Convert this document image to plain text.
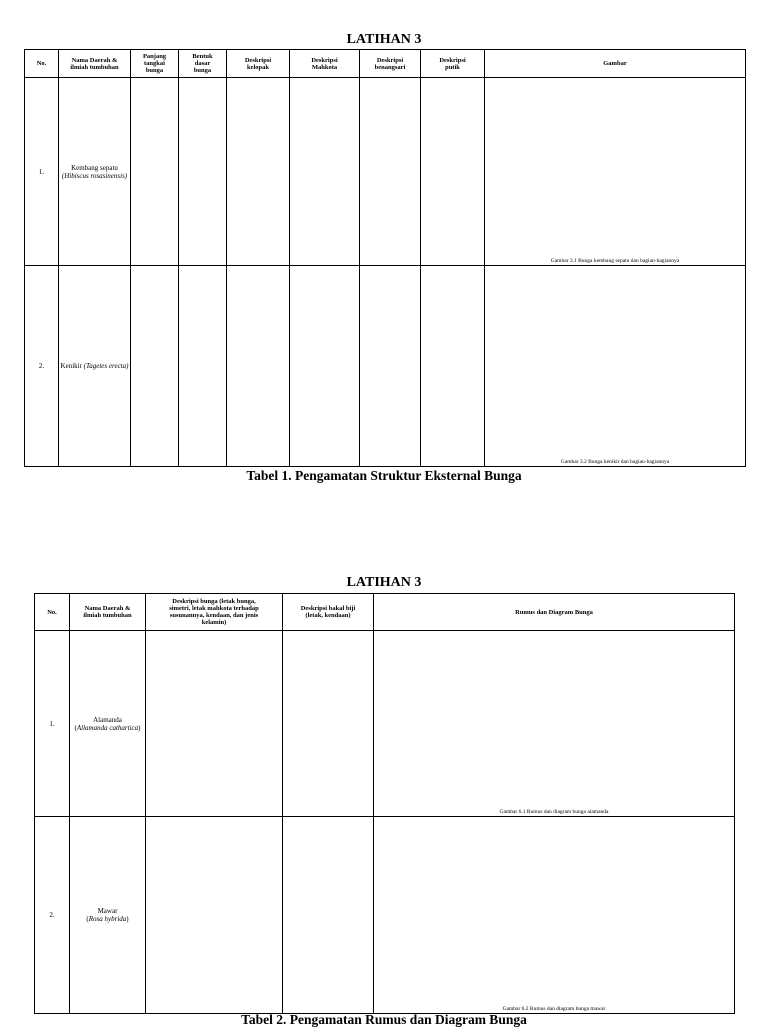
LATIHAN 3
No.	Nama Daerah &
ilmiah tumbuhan	Panjang
tangkai
bunga	Bentuk
dasar
bunga	Deskripsi
kelopak	Deskripsi
Mahkota	Deskripsi
benangsari	Deskripsi
putik	Gambar

1.	Kembang sepatu
(Hibiscus rosasinensis)							Gambar 3.1 Bunga kembang sepatu dan bagian-bagiannya

2.	Kenikir (Tagetes erecta)							Gambar 3.2 Bunga kenikir dan bagian-bagiannya
Tabel 1. Pengamatan Struktur Eksternal Bunga
LATIHAN 3
No.	Nama Daerah &
ilmiah tumbuhan	Deskripsi bunga (letak bunga,
simetri, letak mahkota terhadap
susunannya, kendaan, dan jenis
kelamin)	Deskripsi bakal biji
(letak, kendaan)	Rumus dan Diagram Bunga

1.	Alamanda
(Allamanda cathartica)			Gambar 6.1 Rumus dan diagram bunga alamanda

2.	Mawar
(Rosa hybrida)			Gambar 6.2 Rumus dan diagram bunga mawar
Tabel 2. Pengamatan Rumus dan Diagram Bunga
